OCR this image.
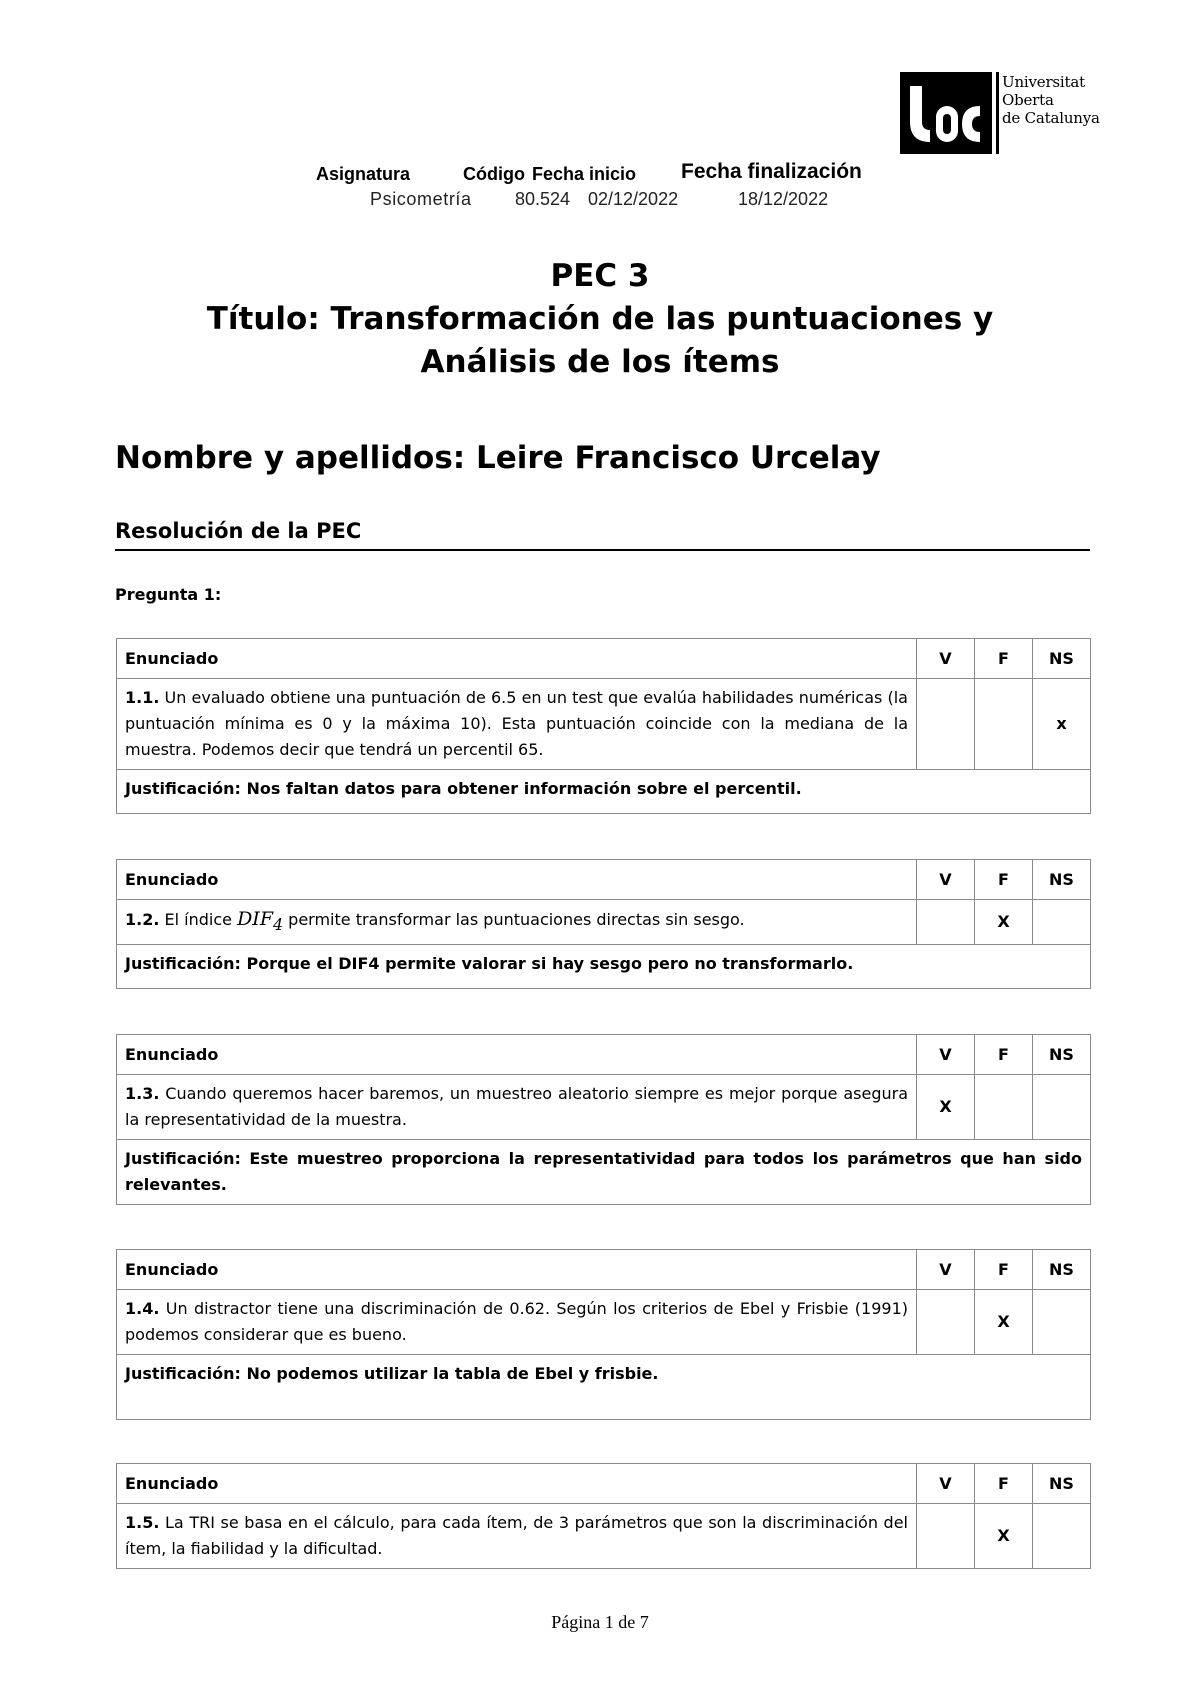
Universitat
Oberta
de Catalunya
Asignatura	Código Fecha inicio Fecha finalización
Psicometría 80.524 02/12/2022	18/12/2022
PEC 3
Título: Transformación de las puntuaciones y
Análisis de los ítems
Nombre y apellidos: Leire Francisco Urcelay
Resolución de la PEC
Pregunta 1:
Enunciado	V	F	NS
1.1. Un evaluado obtiene una puntuación de 6.5 en un test que evalúa habilidades numéricas (la puntuación mínima es 0 y la máxima 10). Esta puntuación coincide con la mediana de la muestra. Podemos decir que tendrá un percentil 65.			x
Justificación: Nos faltan datos para obtener información sobre el percentil.			
Enunciado	V	F	NS
1.2. El índice $DIF_4$ permite transformar las puntuaciones directas sin sesgo.		X	
Justificación: Porque el DIF4 permite valorar si hay sesgo pero no transformarlo.			
Enunciado	V	F	NS
1.3. Cuando queremos hacer baremos, un muestreo aleatorio siempre es mejor porque asegura la representatividad de la muestra.	X		
Justificación: Este muestreo proporciona la representatividad para todos los parámetros que han sido relevantes.			
Enunciado	V	F	NS
1.4. Un distractor tiene una discriminación de 0.62. Según los criterios de Ebel y Frisbie (1991) podemos considerar que es bueno.		X	
Justificación: No podemos utilizar la tabla de Ebel y frisbie.			
Enunciado	V	F	NS
1.5. La TRI se basa en el cálculo, para cada ítem, de 3 parámetros que son la discriminación del ítem, la fiabilidad y la dificultad.		X	
Página 1 de 7
